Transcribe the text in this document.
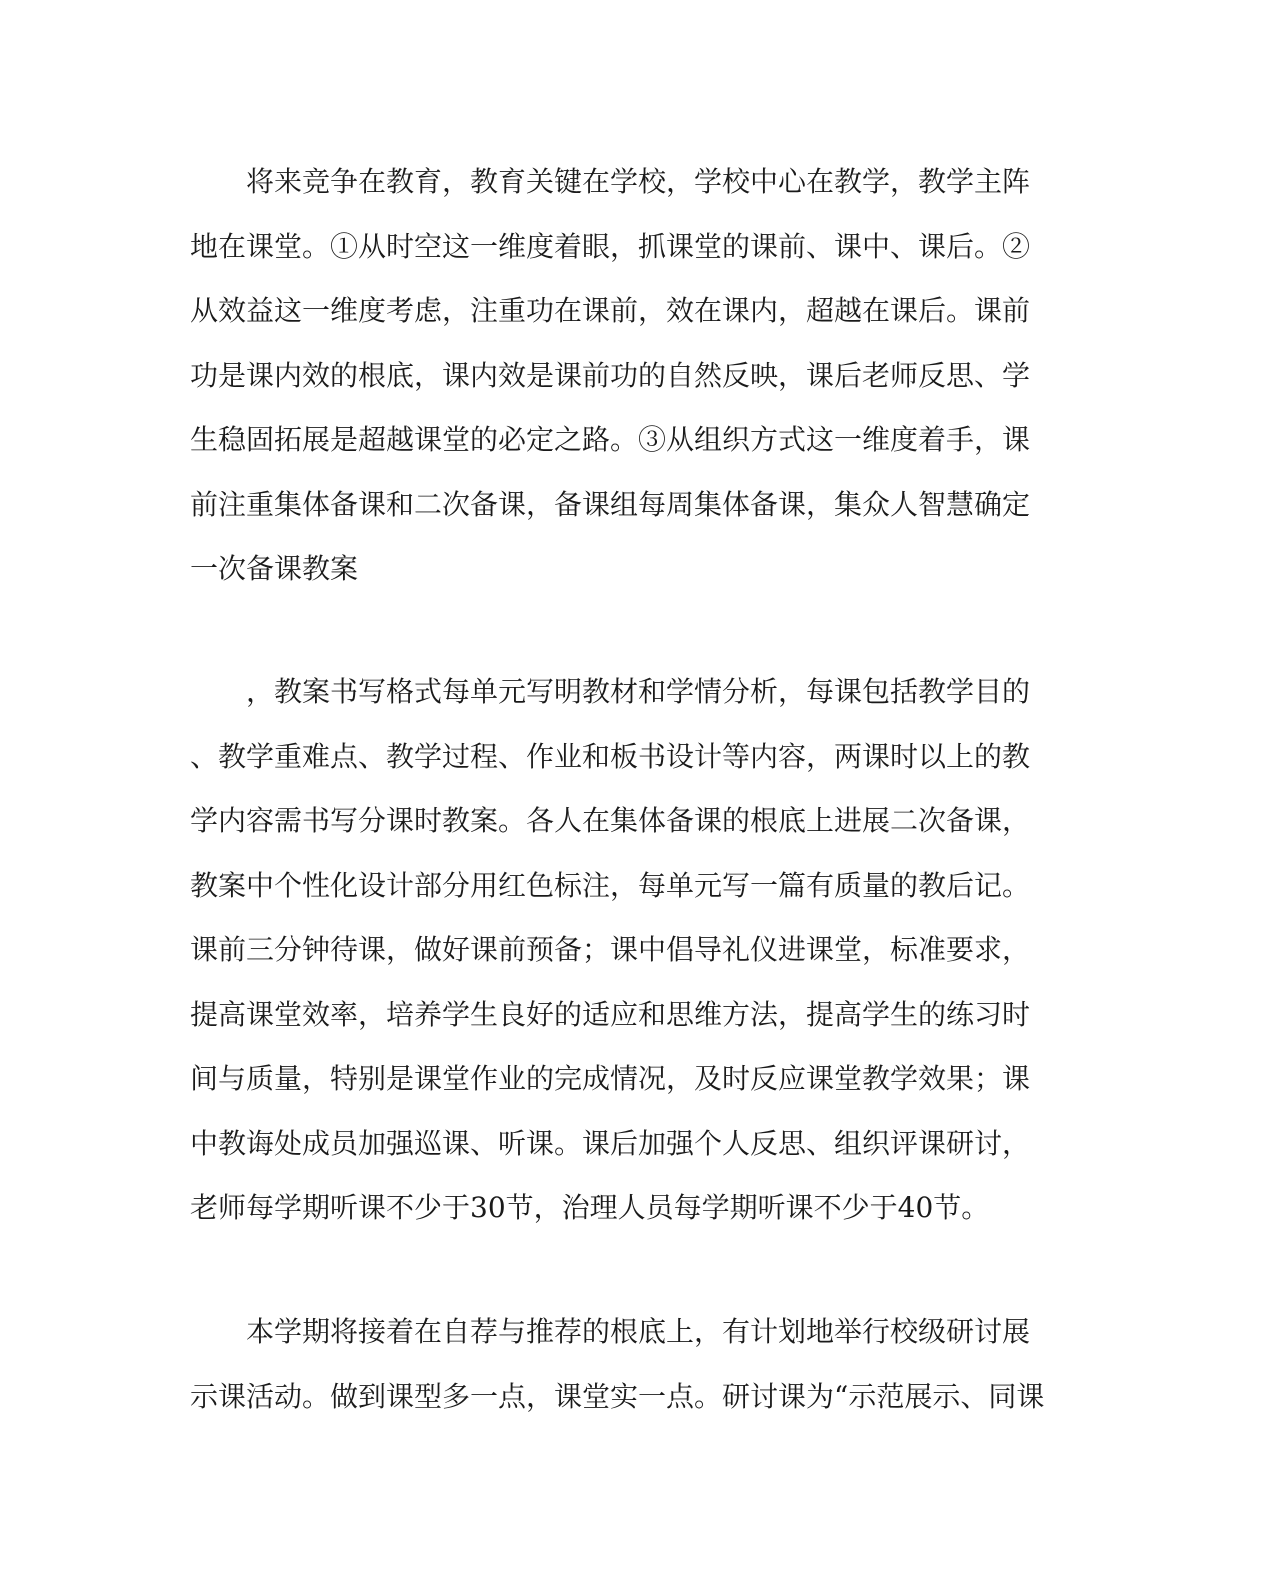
将来竞争在教育，教育关键在学校，学校中心在教学，教学主阵
地在课堂。①从时空这一维度着眼，抓课堂的课前、课中、课后。②
从效益这一维度考虑，注重功在课前，效在课内，超越在课后。课前
功是课内效的根底，课内效是课前功的自然反映，课后老师反思、学
生稳固拓展是超越课堂的必定之路。③从组织方式这一维度着手，课
前注重集体备课和二次备课，备课组每周集体备课，集众人智慧确定
一次备课教案
，教案书写格式每单元写明教材和学情分析，每课包括教学目的
、教学重难点、教学过程、作业和板书设计等内容，两课时以上的教
学内容需书写分课时教案。各人在集体备课的根底上进展二次备课，
教案中个性化设计部分用红色标注，每单元写一篇有质量的教后记。
课前三分钟待课，做好课前预备；课中倡导礼仪进课堂，标准要求，
提高课堂效率，培养学生良好的适应和思维方法，提高学生的练习时
间与质量，特别是课堂作业的完成情况，及时反应课堂教学效果；课
中教诲处成员加强巡课、听课。课后加强个人反思、组织评课研讨，
老师每学期听课不少于30节，治理人员每学期听课不少于40节。
本学期将接着在自荐与推荐的根底上，有计划地举行校级研讨展
示课活动。做到课型多一点，课堂实一点。研讨课为“示范展示、同课
